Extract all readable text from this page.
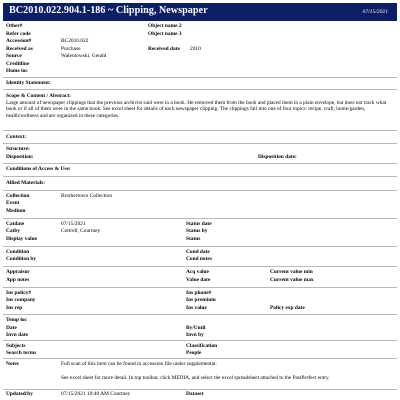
BC2010.022.904.1-186 ~ Clipping, Newspaper	07/15/2021
Other#
Refer code
Accession#	BC2010.022
Received as	Purchase
Source	Walentowski, Gerald
Creditline
Home loc
Object name 2
Object name 3
Received date 2010
Identity Statement:
Scope & Content / Abstract:
Large amount of newspaper clippings that the previous archivist said were in a book. He removed them from the book and placed them in a plain envelope, but does not track what book or if all of them were in the same book. See excel sheet for details of each newspaper clipping. The clippings fall into one of four topics: recipe, craft, home/garden, health/wellness and are organized in these categories.
Context:
Structure:
Disposition:	Disposition date:
Conditions of Access & Use:
Allied Materials:
Collection	Brothertown Collection
Event
Medium
Catdate	07/15/2021
Catby	Cottrell, Courtney
Display value
Status date
Status by
Status
Condition
Condition by
Cond date
Cond notes
Appraisor
App notes
Acq value
Value date
Current value min
Current value max
Ins policy#
Ins company
Ins rep
Ins phone#
Ins premium
Ins value	Policy exp date
Temp loc
Date
Invn date
By/Until
Invn by
Subjects
Search terms
Classification
People
Notes	Full scan of this item can be found in accession file under supplemental.
See excel sheet for more detail. In top toolbar, click MEDIA, and select the excel spreadsheet attached to the PastPerfect entry.
Updated/by	07/15/2021 10:40 AM Courtney	Dataset
